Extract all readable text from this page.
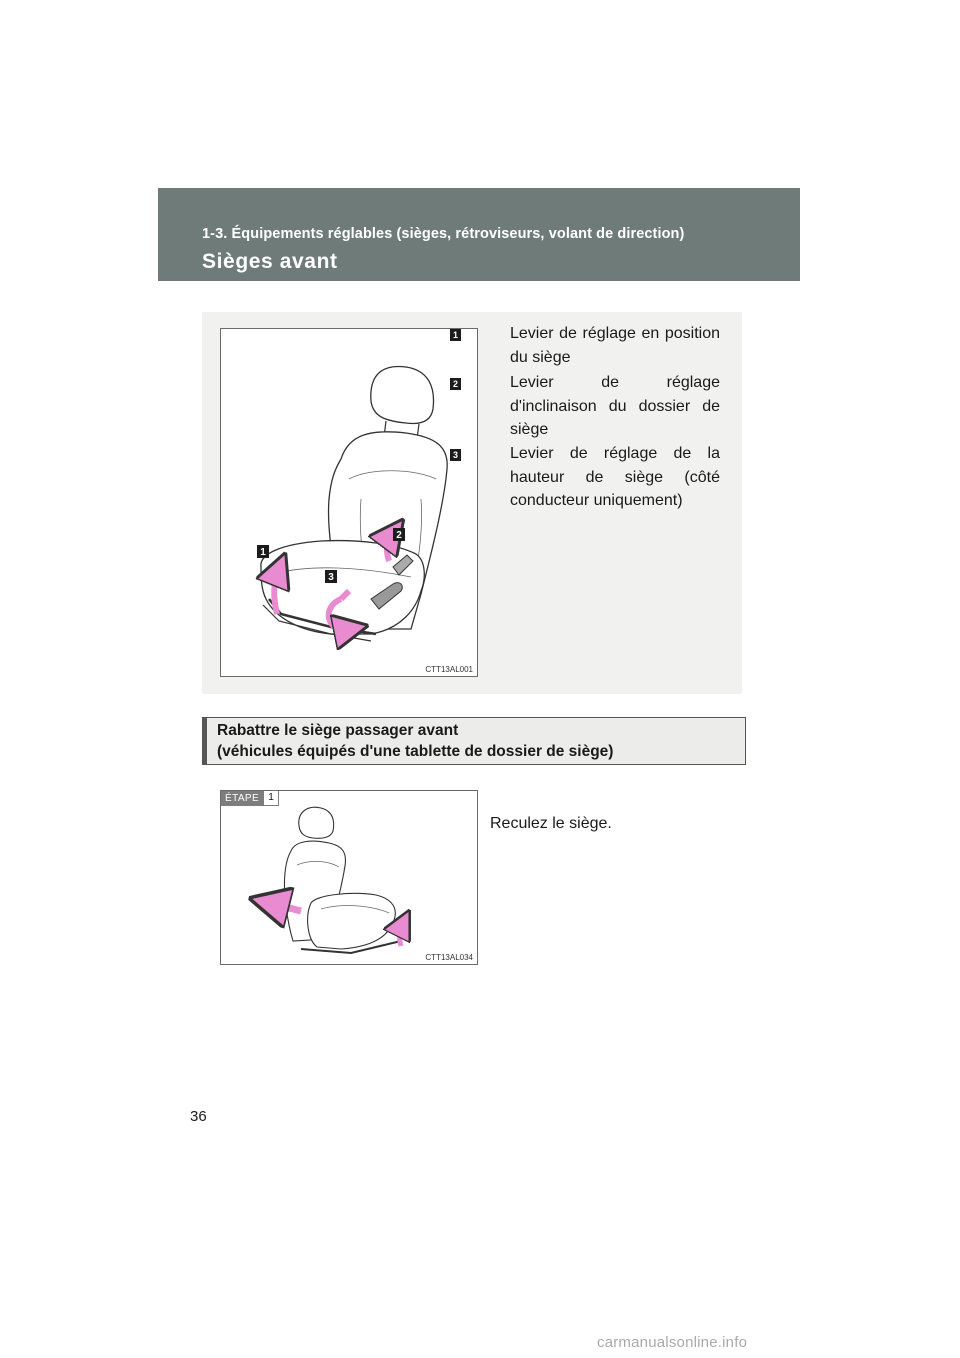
1-3. Équipements réglables (sièges, rétroviseurs, volant de direction)
Sièges avant
1
2
3
CTT13AL001
1	Levier de réglage en position du siège
2	Levier de réglage d'inclinaison du dossier de siège
3	Levier de réglage de la hauteur de siège (côté conducteur uniquement)
Rabattre le siège passager avant
(véhicules équipés d'une tablette de dossier de siège)
ÉTAPE 1
CTT13AL034
Reculez le siège.
36
carmanualsonline.info
